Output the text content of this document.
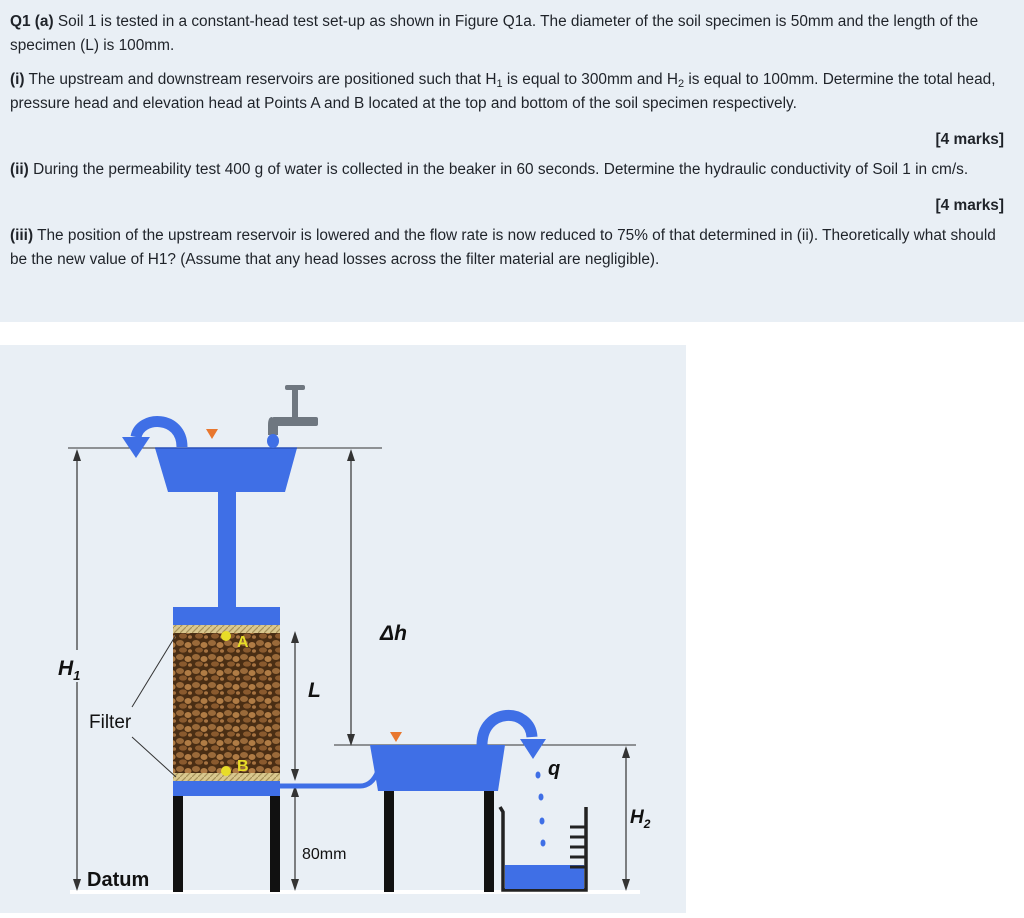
Q1 (a) Soil 1 is tested in a constant-head test set-up as shown in Figure Q1a. The diameter of the soil specimen is 50mm and the length of the specimen (L) is 100mm.

(i) The upstream and downstream reservoirs are positioned such that $H_1$ is equal to 300mm and $H_2$ is equal to 100mm. Determine the total head, pressure head and elevation head at Points A and B located at the top and bottom of the soil specimen respectively.

[4 marks]

(ii) During the permeability test 400 g of water is collected in the beaker in 60 seconds. Determine the hydraulic conductivity of Soil 1 in cm/s.

[4 marks]

(iii) The position of the upstream reservoir is lowered and the flow rate is now reduced to 75% of that determined in (ii). Theoretically what should be the new value of H1? (Assume that any head losses across the filter material are negligible).

$H_1$
Δh
$H_2$
L
80mm
A
B
Filter
q
Datum
